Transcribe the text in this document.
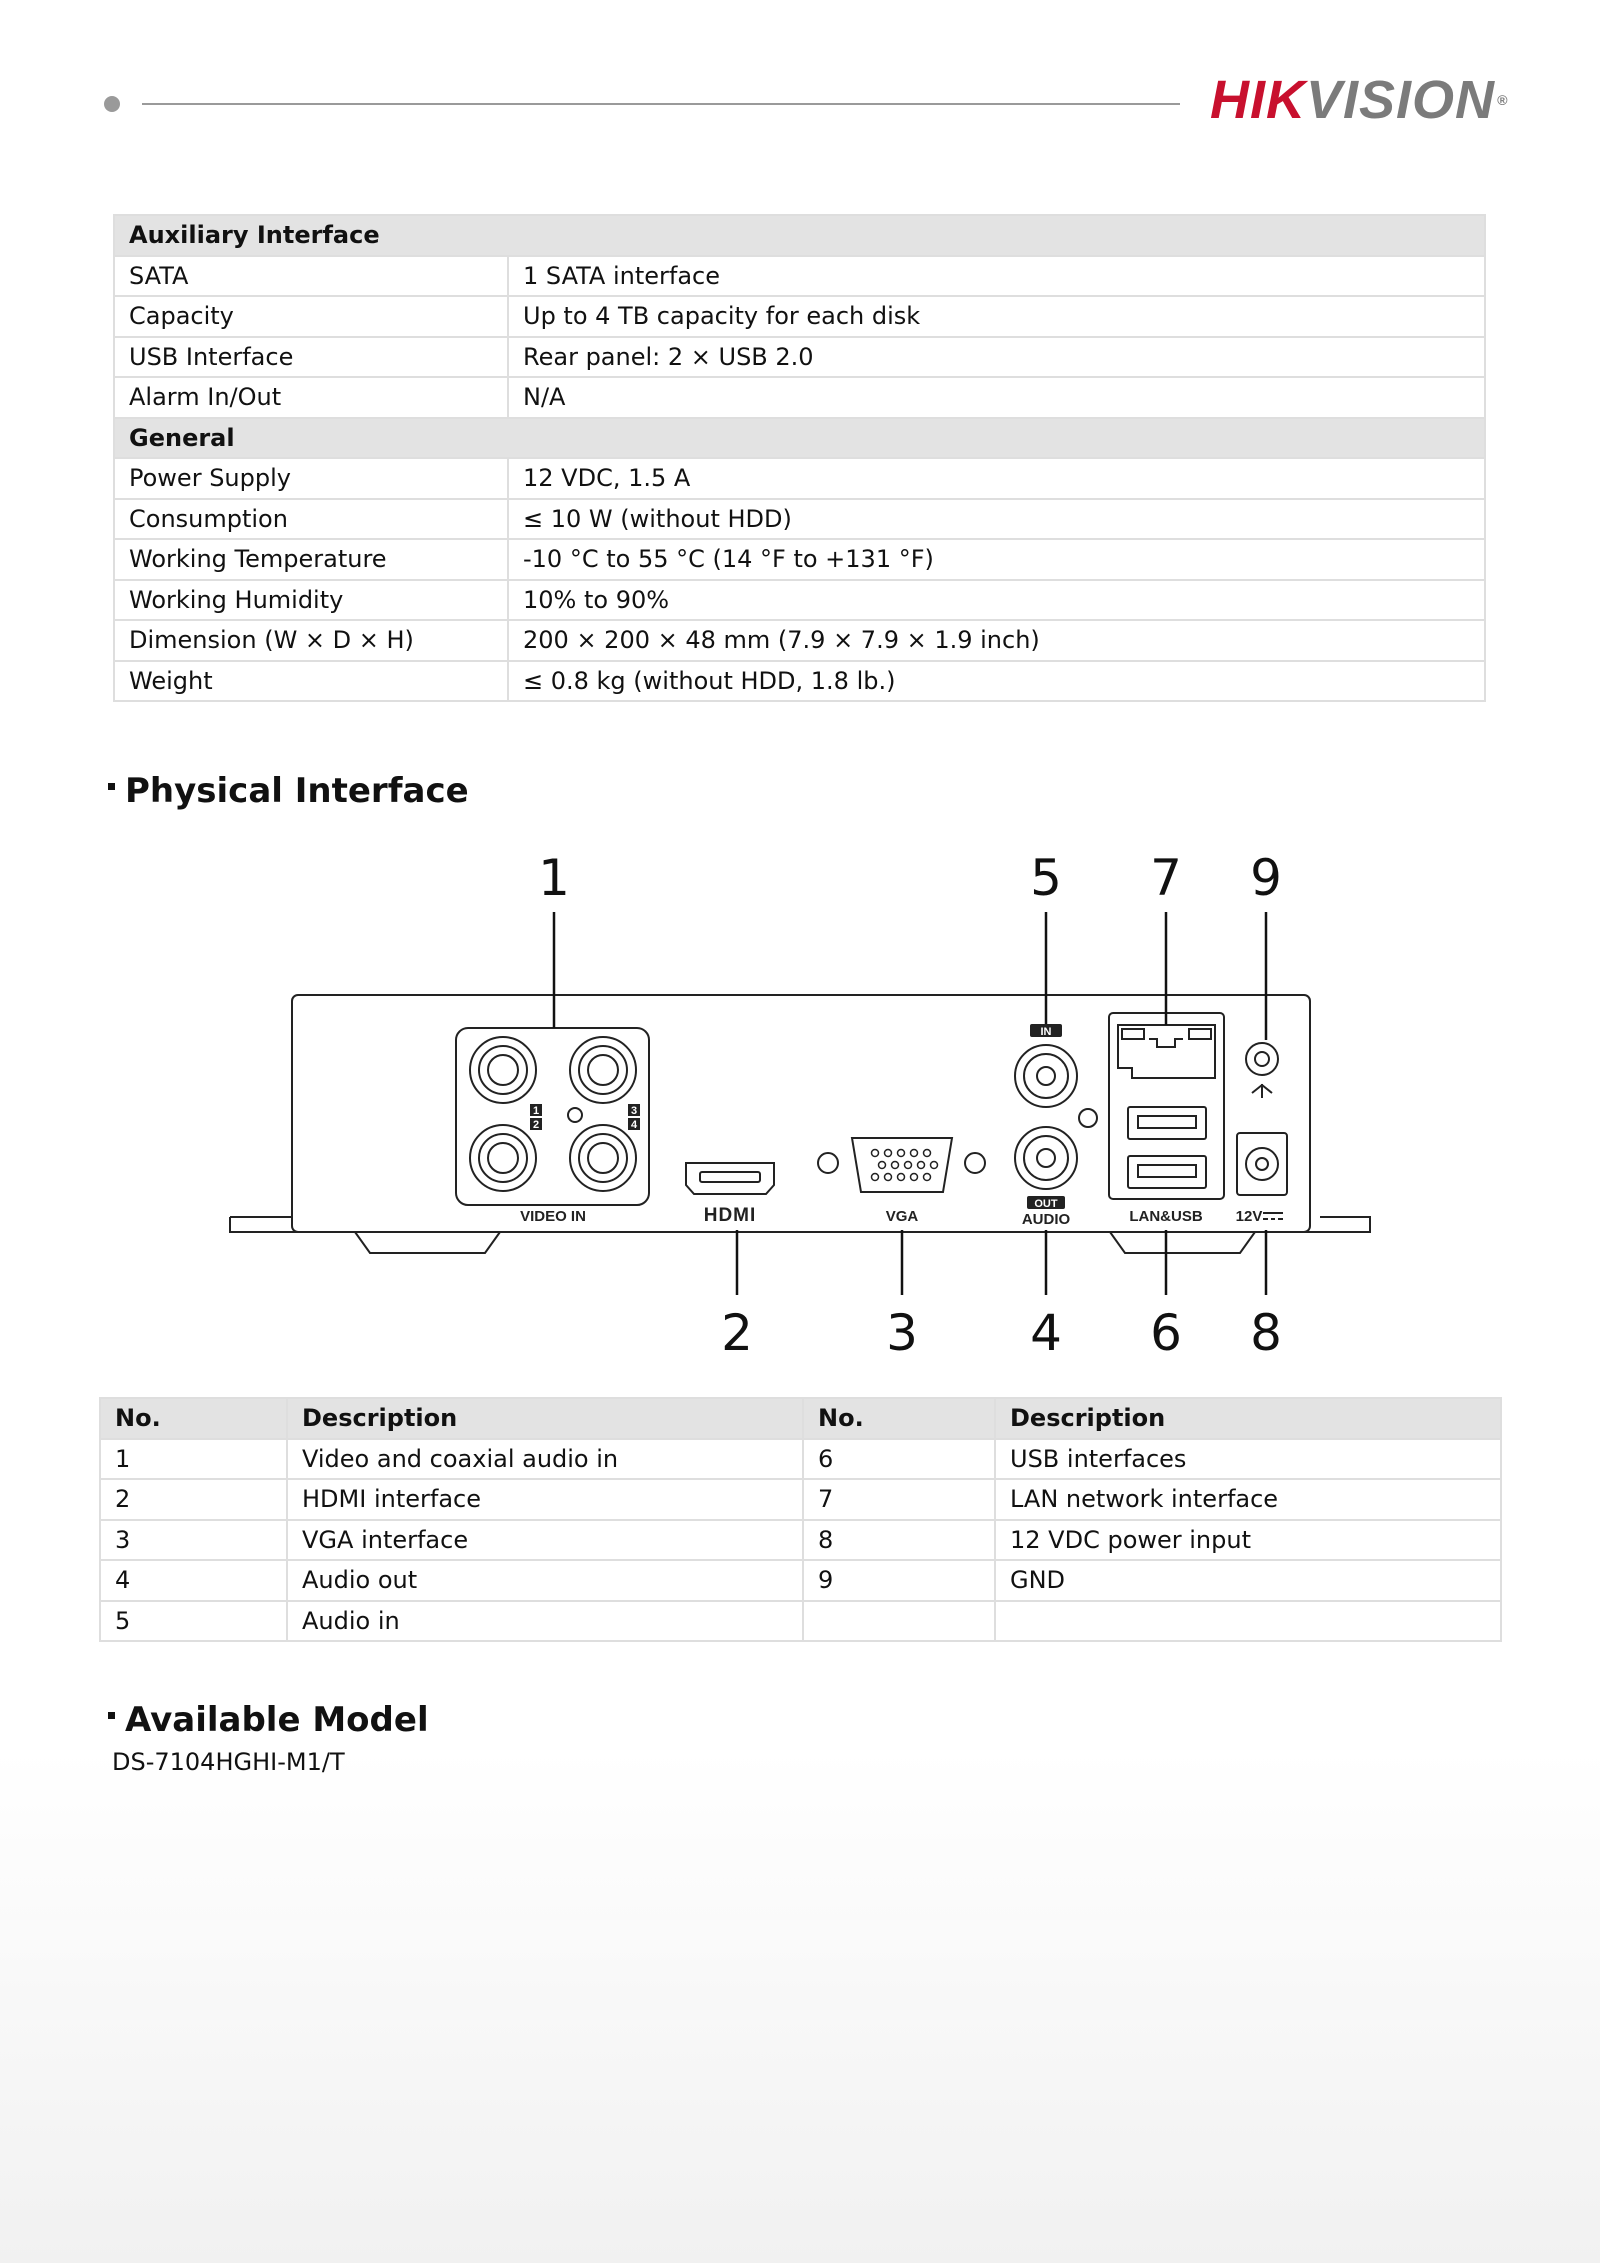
HIKVISION ®
Auxiliary Interface	
SATA	1 SATA interface
Capacity	Up to 4 TB capacity for each disk
USB Interface	Rear panel: 2 × USB 2.0
Alarm In/Out	N/A
General	
Power Supply	12 VDC, 1.5 A
Consumption	≤ 10 W (without HDD)
Working Temperature	-10 °C to 55 °C (14 °F to +131 °F)
Working Humidity	10% to 90%
Dimension (W × D × H)	200 × 200 × 48 mm (7.9 × 7.9 × 1.9 inch)
Weight	≤ 0.8 kg (without HDD, 1.8 lb.)
Physical Interface
IN
OUT
1
2
3
4
VIDEO IN	HDMI	VGA	AUDIO	LAN&USB 12V
1
2	3 4
5
6
7
8
9
No.	Description	No.	Description
1	Video and coaxial audio in	6	USB interfaces
2	HDMI interface	7	LAN network interface
3	VGA interface	8	12 VDC power input
4	Audio out	9	GND
5	Audio in		
Available Model
DS-7104HGHI-M1/T
